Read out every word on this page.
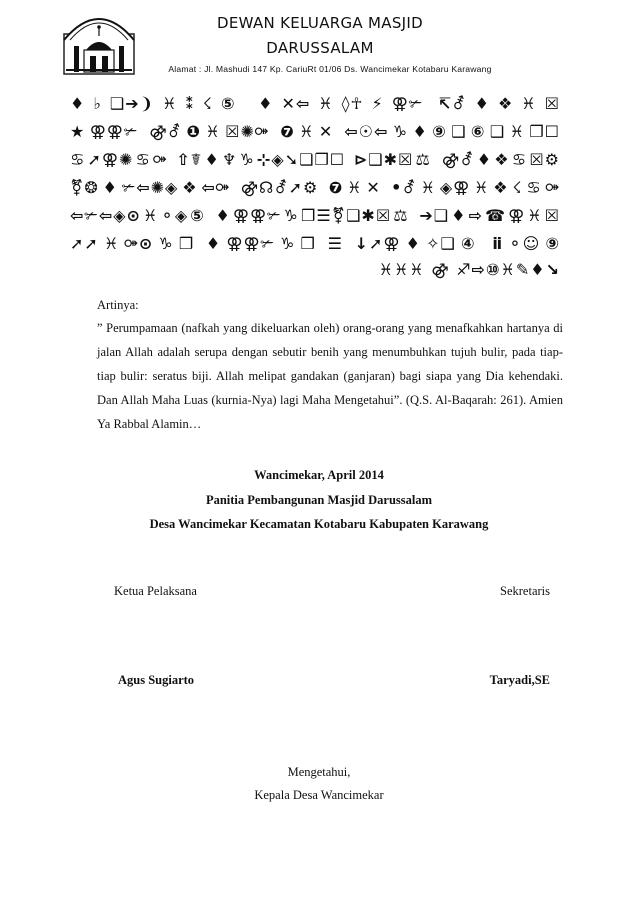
DEWAN KELUARGA MASJID
DARUSSALAM
Alamat : Jl. Mashudi 147 Kp. CariuRt 01/06 Ds. Wancimekar Kotabaru Karawang
♦♭❑➔❩♓⁑☇⑤ ♦✕⇦♓◊☥⚡⚢✃ ↸⚦♦❖♓☒
★⚢⚢✃ ⚣⚦❶♓☒✺⚩ ❼♓✕ ⇦☉⇦♑♦⑨❑⑥❑♓❒☐
♋➚⚢✺♋⚩ ⇧☤♦♆♑⊹◈➘❏❒☐ ⊳❑✱☒⚖ ⚣⚦♦❖♋☒⚙
⚧❂♦✃⇦✺◈❖⇦⚩ ⚣☊⚦➚⚙ ❼♓✕ •⚦♓◈⚢♓❖☇♋⚩
⇦✃⇦◈⊙♓⚬◈⑤ ♦⚢⚢✃♑❒☰⚧❑✱☒⚖ ➔❑♦⇨☎⚢♓☒
➚➚♓⚩⊙♑❒ ♦⚢⚢✃♑❒ ☰ ↓➚⚢♦✧❑④ ⅱ⚬☺⑨
♓♓♓ ⚣ ♐⇨⑩♓✎♦↘
Artinya:
” Perumpamaan (nafkah yang dikeluarkan oleh) orang-orang yang menafkahkan hartanya di jalan Allah adalah serupa dengan sebutir benih yang menumbuhkan tujuh bulir, pada tiap-tiap bulir: seratus biji. Allah melipat gandakan (ganjaran) bagi siapa yang Dia kehendaki. Dan Allah Maha Luas (kurnia-Nya) lagi Maha Mengetahui”. (Q.S. Al-Baqarah: 261). Amien Ya Rabbal Alamin…
Wancimekar, April 2014
Panitia Pembangunan Masjid Darussalam
Desa Wancimekar Kecamatan Kotabaru Kabupaten Karawang
Ketua Pelaksana	Sekretaris
Agus Sugiarto	Taryadi,SE
Mengetahui,
Kepala Desa Wancimekar
